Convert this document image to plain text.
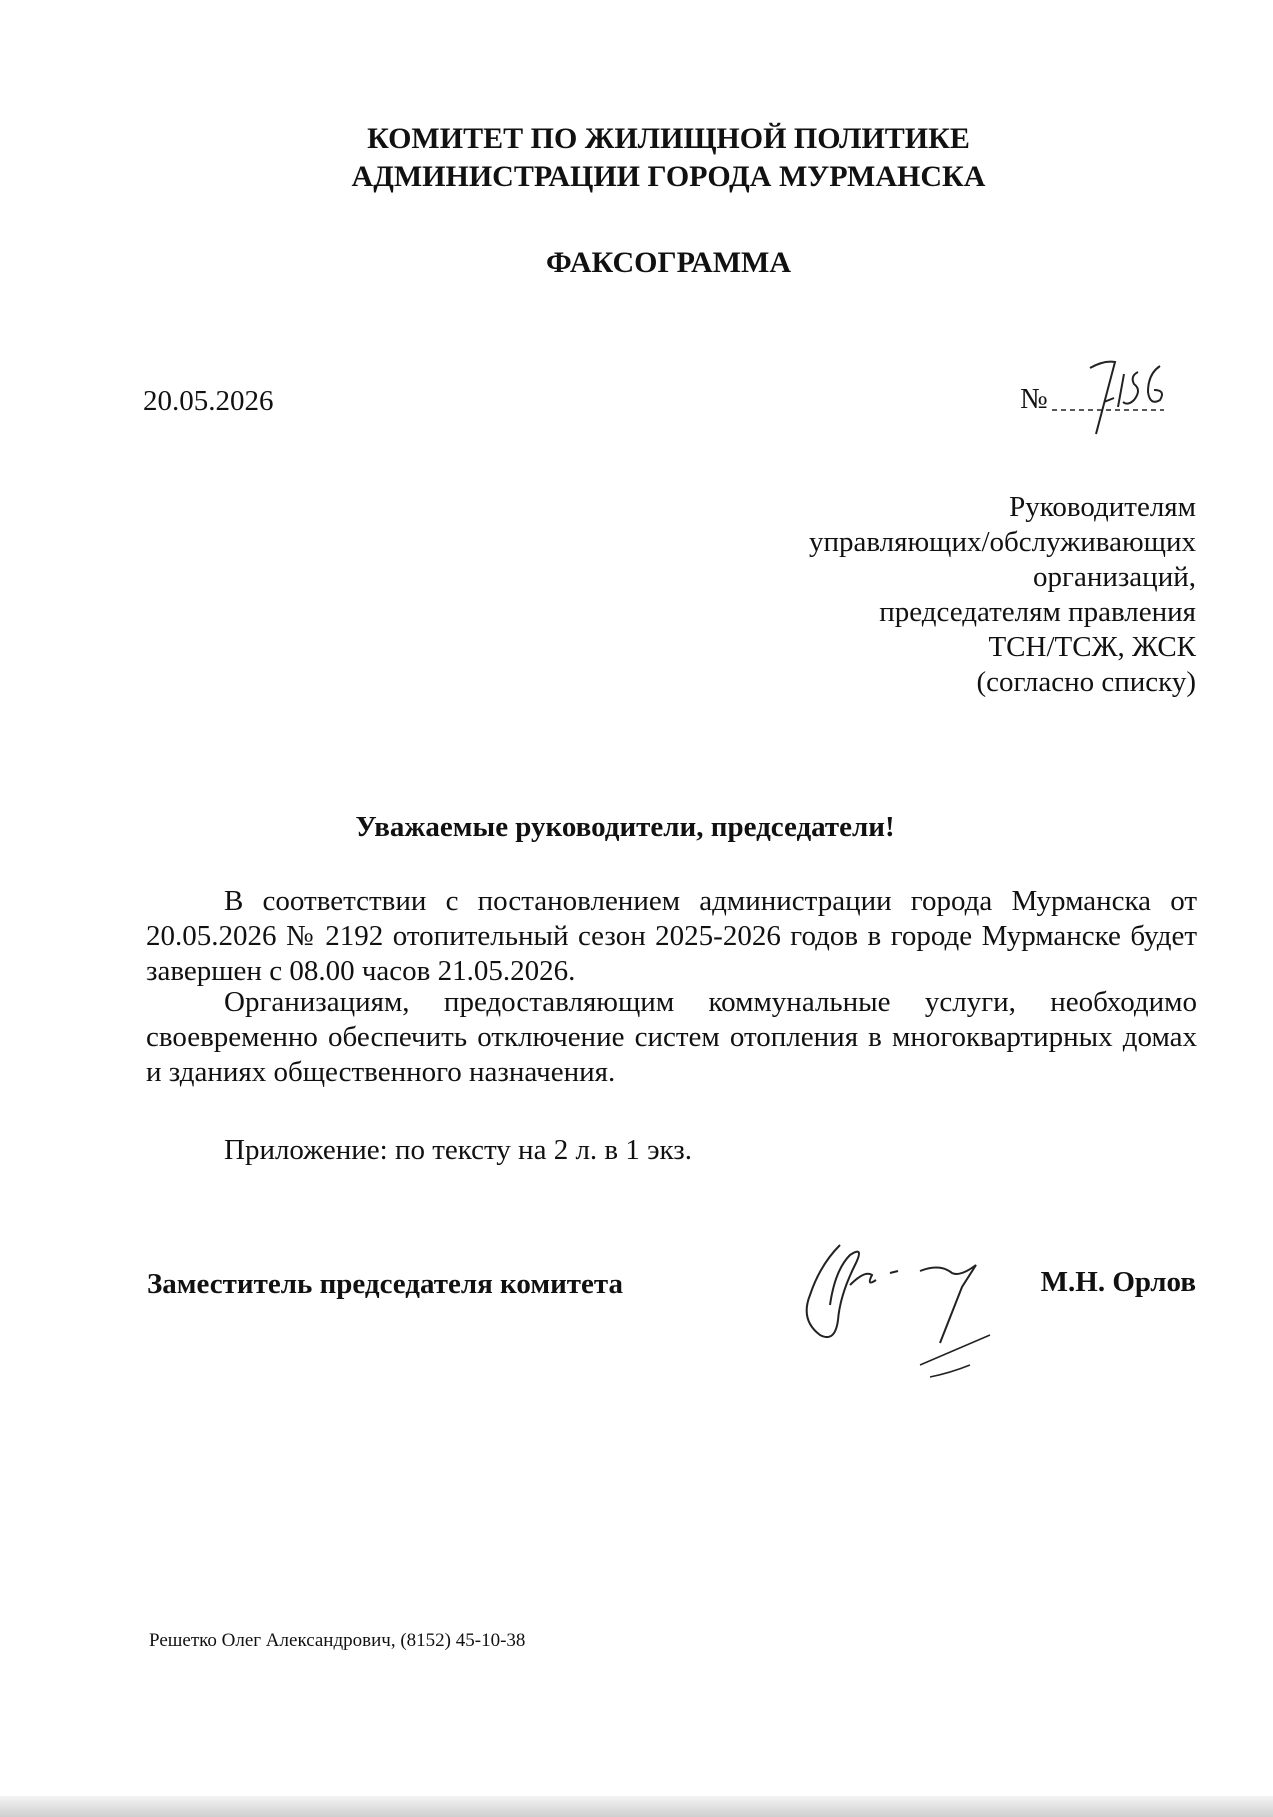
КОМИТЕТ ПО ЖИЛИЩНОЙ ПОЛИТИКЕ
АДМИНИСТРАЦИИ ГОРОДА МУРМАНСКА
ФАКСОГРАММА
20.05.2026	№
Руководителям
управляющих/обслуживающих
организаций,
председателям правления
ТСН/ТСЖ, ЖСК
(согласно списку)
Уважаемые руководители, председатели!
В соответствии с постановлением администрации города Мурманска от 20.05.2026 № 2192 отопительный сезон 2025-2026 годов в городе Мурманске будет завершен с 08.00 часов 21.05.2026.
Организациям, предоставляющим коммунальные услуги, необходимо своевременно обеспечить отключение систем отопления в многоквартирных домах и зданиях общественного назначения.
Приложение: по тексту на 2 л. в 1 экз.
Заместитель председателя комитета	М.Н. Орлов
Решетко Олег Александрович, (8152) 45-10-38
